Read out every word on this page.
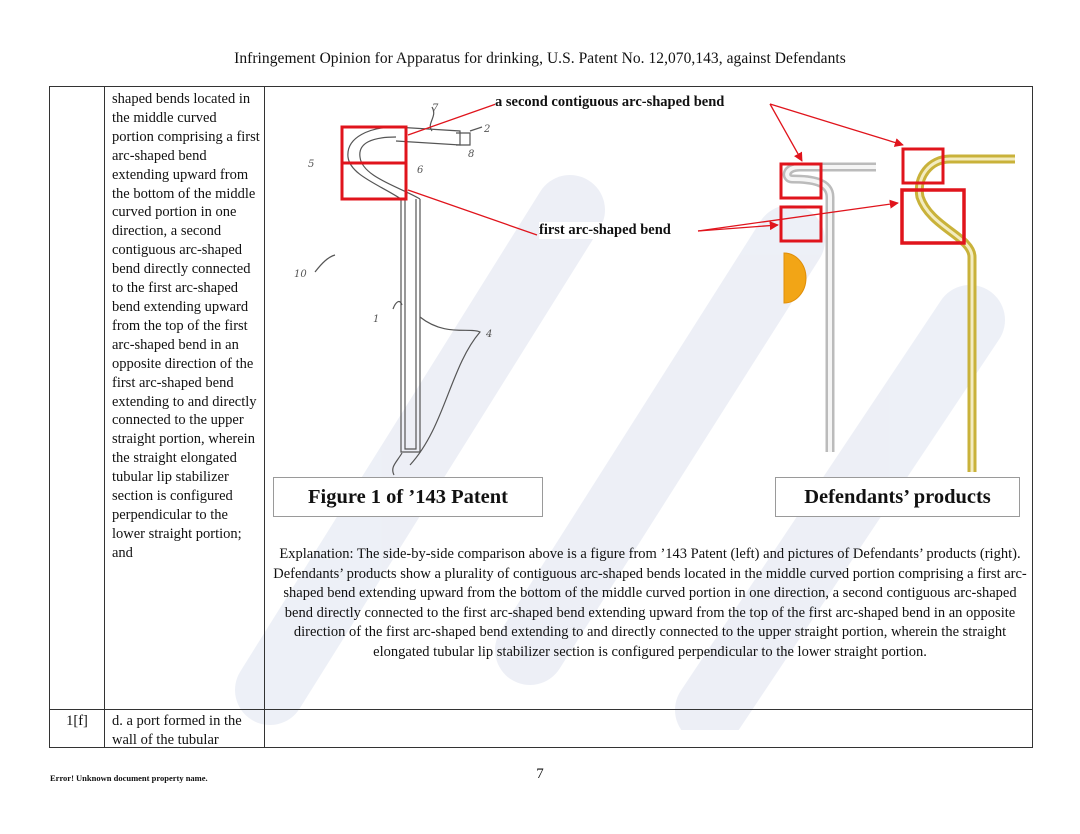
Infringement Opinion for Apparatus for drinking, U.S. Patent No. 12,070,143, against Defendants
shaped bends located in the middle curved portion comprising a first arc-shaped bend extending upward from the bottom of the middle curved portion in one direction, a second contiguous arc-shaped bend directly connected to the first arc-shaped bend extending upward from the top of the first arc-shaped bend in an opposite direction of the first arc-shaped bend extending to and directly connected to the upper straight portion, wherein the straight elongated tubular lip stabilizer section is configured perpendicular to the lower straight portion; and
7
2
8
5
6
10
1
4
a second contiguous arc-shaped bend
first arc-shaped bend
Figure 1 of ’143 Patent	Defendants’ products
Explanation: The side-by-side comparison above is a figure from ’143 Patent (left) and pictures of Defendants’ products (right). Defendants’ products show a plurality of contiguous arc-shaped bends located in the middle curved portion comprising a first arc-shaped bend extending upward from the bottom of the middle curved portion in one direction, a second contiguous arc-shaped bend directly connected to the first arc-shaped bend extending upward from the top of the first arc-shaped bend in an opposite direction of the first arc-shaped bend extending to and directly connected to the upper straight portion, wherein the straight elongated tubular lip stabilizer section is configured perpendicular to the lower straight portion.
1[f]	d. a port formed in the wall of the tubular
Error! Unknown document property name.	7
